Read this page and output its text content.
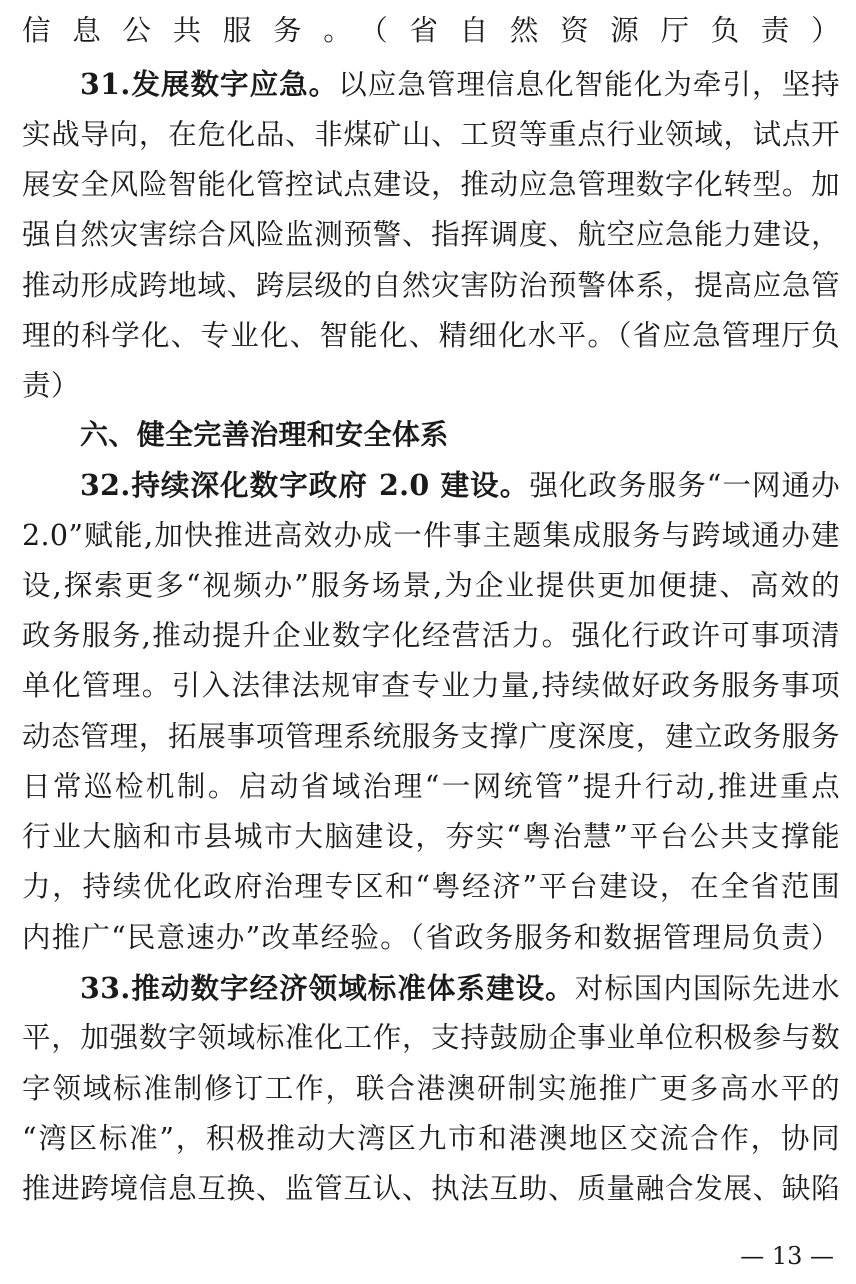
信息公共服务。（省自然资源厅负责）
31.发展数字应急。以应急管理信息化智能化为牵引，坚持
实战导向，在危化品、非煤矿山、工贸等重点行业领域，试点开
展安全风险智能化管控试点建设，推动应急管理数字化转型。加
强自然灾害综合风险监测预警、指挥调度、航空应急能力建设，
推动形成跨地域、跨层级的自然灾害防治预警体系，提高应急管
理的科学化、专业化、智能化、精细化水平。（省应急管理厅负
责）
六、健全完善治理和安全体系
32.持续深化数字政府 2.0 建设。强化政务服务“一网通办
2.0”赋能,加快推进高效办成一件事主题集成服务与跨域通办建
设,探索更多“视频办”服务场景,为企业提供更加便捷、高效的
政务服务,推动提升企业数字化经营活力。强化行政许可事项清
单化管理。引入法律法规审查专业力量,持续做好政务服务事项
动态管理，拓展事项管理系统服务支撑广度深度，建立政务服务
日常巡检机制。启动省域治理“一网统管”提升行动,推进重点
行业大脑和市县城市大脑建设，夯实“粤治慧”平台公共支撑能
力，持续优化政府治理专区和“粤经济”平台建设，在全省范围
内推广“民意速办”改革经验。（省政务服务和数据管理局负责）
33.推动数字经济领域标准体系建设。对标国内国际先进水
平，加强数字领域标准化工作，支持鼓励企事业单位积极参与数
字领域标准制修订工作，联合港澳研制实施推广更多高水平的
“湾区标准”，积极推动大湾区九市和港澳地区交流合作，协同
推进跨境信息互换、监管互认、执法互助、质量融合发展、缺陷
— 13 —
